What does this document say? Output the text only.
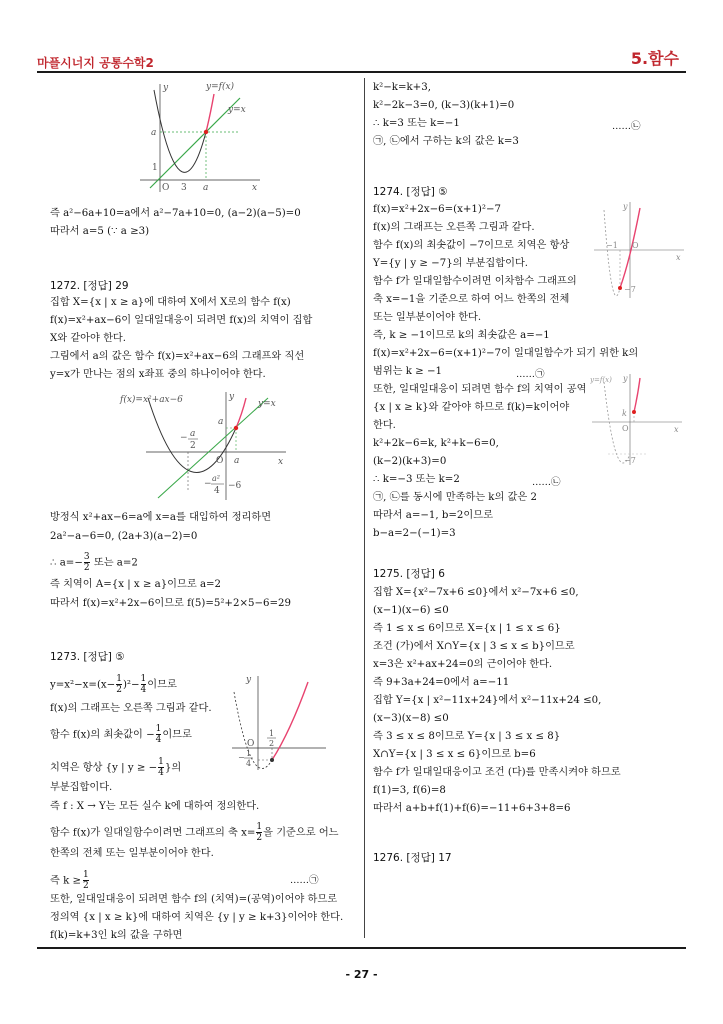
마플시너지 공통수학2	5.함수
y=f(x)
y=x
y
a
1
O 3 a	x
즉 a²−6a+10=a에서 a²−7a+10=0, (a−2)(a−5)=0
따라서 a=5 (∵ a ≥3)
1272. [정답] 29
집합 X={x | x ≥ a}에 대하여 X에서 X로의 함수 f(x)
f(x)=x²+ax−6이 일대일대응이 되려면 f(x)의 치역이 집합
X와 같아야 한다.
그림에서 a의 값은 함수 f(x)=x²+ax−6의 그래프와 직선
y=x가 만나는 점의 x좌표 중의 하나이어야 한다.
f(x)=x²+ax−6	y=x
y
x
O a
− a
2
a
−
a²
4 −6
방정식 x²+ax−6=a에 x=a를 대입하여 정리하면
2a²−a−6=0, (2a+3)(a−2)=0
∴ $a=- \frac{3}{2}$ 또는 a=2
즉 치역이 A={x | x ≥ a}이므로 a=2
따라서 f(x)=x²+2x−6이므로 f(5)=5²+2×5−6=29
1273. [정답] ⑤
$y=x^2-x=(x- \frac{1}{2} )^2- \frac{1}{4}$ 이므로
f(x)의 그래프는 오른쪽 그림과 같다.
함수 f(x)의 최솟값이 − $\frac{1}{4}$ 이므로
치역은 항상 {y | y ≥ − $\frac{1}{4}$ }의
부분집합이다.
y
O
1
2
− 1
4
즉 f : X → Y는 모든 실수 k에 대하여 정의한다.
함수 f(x)가 일대일함수이려면 그래프의 축 $x= \frac{1}{2}$ 을 기준으로 어느
한쪽의 전체 또는 일부분이어야 한다.
즉 $k \ge \frac{1}{2}$	……㉠
또한, 일대일대응이 되려면 함수 f의 (치역)=(공역)이어야 하므로
정의역 {x | x ≥ k}에 대하여 치역은 {y | y ≥ k+3}이어야 한다.
f(k)=k+3인 k의 값을 구하면
k²−k=k+3,
k²−2k−3=0, (k−3)(k+1)=0
∴ k=3 또는 k=−1	……㉡
㉠, ㉡에서 구하는 k의 값은 k=3
1274. [정답] ⑤
f(x)=x²+2x−6=(x+1)²−7
f(x)의 그래프는 오른쪽 그림과 같다.
함수 f(x)의 최솟값이 −7이므로 치역은 항상
Y={y | y ≥ −7}의 부분집합이다.
함수 f가 일대일함수이려면 이차함수 그래프의
축 x=−1을 기준으로 하여 어느 한쪽의 전체
또는 일부분이어야 한다.
즉, k ≥ −1이므로 k의 최솟값은 a=−1
f(x)=x²+2x−6=(x+1)²−7이 일대일함수가 되기 위한 k의
범위는 k ≥ −1	……㉠
또한, 일대일대응이 되려면 함수 f의 치역이 공역
{x | x ≥ k}와 같아야 하므로 f(k)=k이어야
한다.
k²+2k−6=k, k²+k−6=0,
(k−2)(k+3)=0
∴ k=−3 또는 k=2	……㉡
㉠, ㉡를 동시에 만족하는 k의 값은 2
따라서 a=−1, b=2이므로
b−a=2−(−1)=3
y
−1 O
x
−7
y=f(x) y
k
O	x
−7
1275. [정답] 6
집합 X={x²−7x+6 ≤0}에서 x²−7x+6 ≤0,
(x−1)(x−6) ≤0
즉 1 ≤ x ≤ 6이므로 X={x | 1 ≤ x ≤ 6}
조건 (가)에서 X∩Y={x | 3 ≤ x ≤ b}이므로
x=3은 x²+ax+24=0의 근이어야 한다.
즉 9+3a+24=0에서 a=−11
집합 Y={x | x²−11x+24}에서 x²−11x+24 ≤0,
(x−3)(x−8) ≤0
즉 3 ≤ x ≤ 8이므로 Y={x | 3 ≤ x ≤ 8}
X∩Y={x | 3 ≤ x ≤ 6}이므로 b=6
함수 f가 일대일대응이고 조건 (다)를 만족시켜야 하므로
f(1)=3, f(6)=8
따라서 a+b+f(1)+f(6)=−11+6+3+8=6
1276. [정답] 17
- 27 -
